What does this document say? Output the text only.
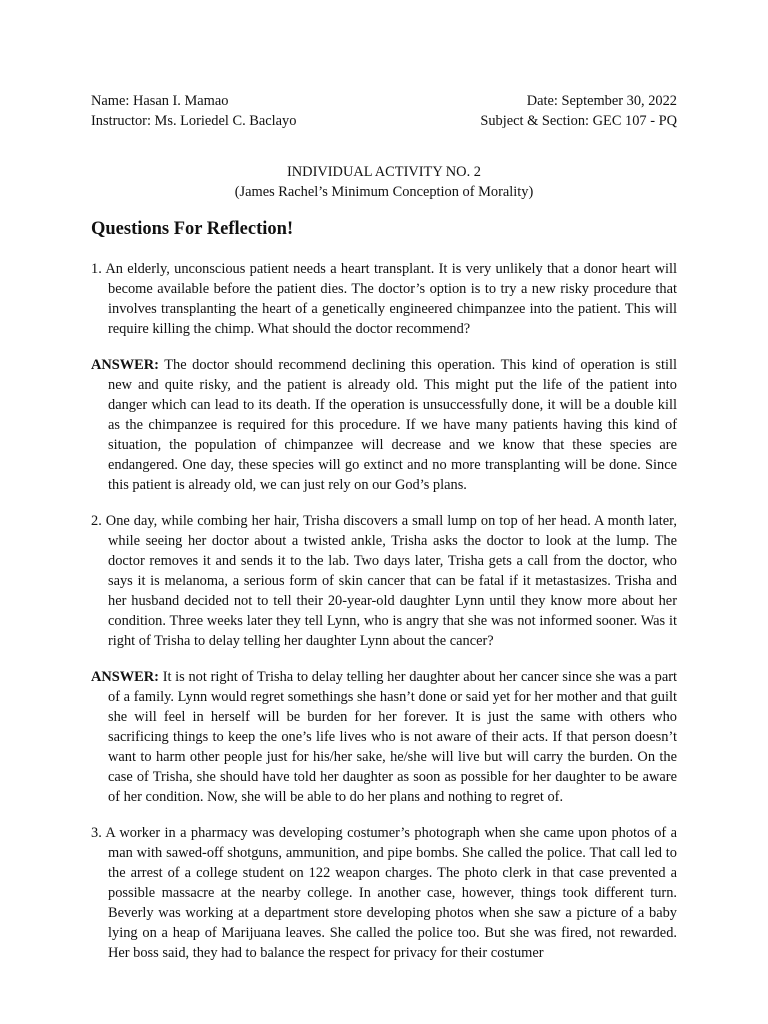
Name: Hasan I. Mamao	Date: September 30, 2022
Instructor: Ms. Loriedel C. Baclayo	Subject & Section: GEC 107 - PQ
INDIVIDUAL ACTIVITY NO. 2
(James Rachel’s Minimum Conception of Morality)
Questions For Reflection!

1. An elderly, unconscious patient needs a heart transplant. It is very unlikely that a donor heart will become available before the patient dies. The doctor’s option is to try a new risky procedure that involves transplanting the heart of a genetically engineered chimpanzee into the patient. This will require killing the chimp. What should the doctor recommend?

ANSWER: The doctor should recommend declining this operation. This kind of operation is still new and quite risky, and the patient is already old. This might put the life of the patient into danger which can lead to its death. If the operation is unsuccessfully done, it will be a double kill as the chimpanzee is required for this procedure. If we have many patients having this kind of situation, the population of chimpanzee will decrease and we know that these species are endangered. One day, these species will go extinct and no more transplanting will be done. Since this patient is already old, we can just rely on our God’s plans.

2. One day, while combing her hair, Trisha discovers a small lump on top of her head. A month later, while seeing her doctor about a twisted ankle, Trisha asks the doctor to look at the lump. The doctor removes it and sends it to the lab. Two days later, Trisha gets a call from the doctor, who says it is melanoma, a serious form of skin cancer that can be fatal if it metastasizes. Trisha and her husband decided not to tell their 20-year-old daughter Lynn until they know more about her condition. Three weeks later they tell Lynn, who is angry that she was not informed sooner. Was it right of Trisha to delay telling her daughter Lynn about the cancer?

ANSWER: It is not right of Trisha to delay telling her daughter about her cancer since she was a part of a family. Lynn would regret somethings she hasn’t done or said yet for her mother and that guilt she will feel in herself will be burden for her forever. It is just the same with others who sacrificing things to keep the one’s life lives who is not aware of their acts. If that person doesn’t want to harm other people just for his/her sake, he/she will live but will carry the burden. On the case of Trisha, she should have told her daughter as soon as possible for her daughter to be aware of her condition. Now, she will be able to do her plans and nothing to regret of.

3. A worker in a pharmacy was developing costumer’s photograph when she came upon photos of a man with sawed-off shotguns, ammunition, and pipe bombs. She called the police. That call led to the arrest of a college student on 122 weapon charges. The photo clerk in that case prevented a possible massacre at the nearby college. In another case, however, things took different turn. Beverly was working at a department store developing photos when she saw a picture of a baby lying on a heap of Marijuana leaves. She called the police too. But she was fired, not rewarded. Her boss said, they had to balance the respect for privacy for their costumer
